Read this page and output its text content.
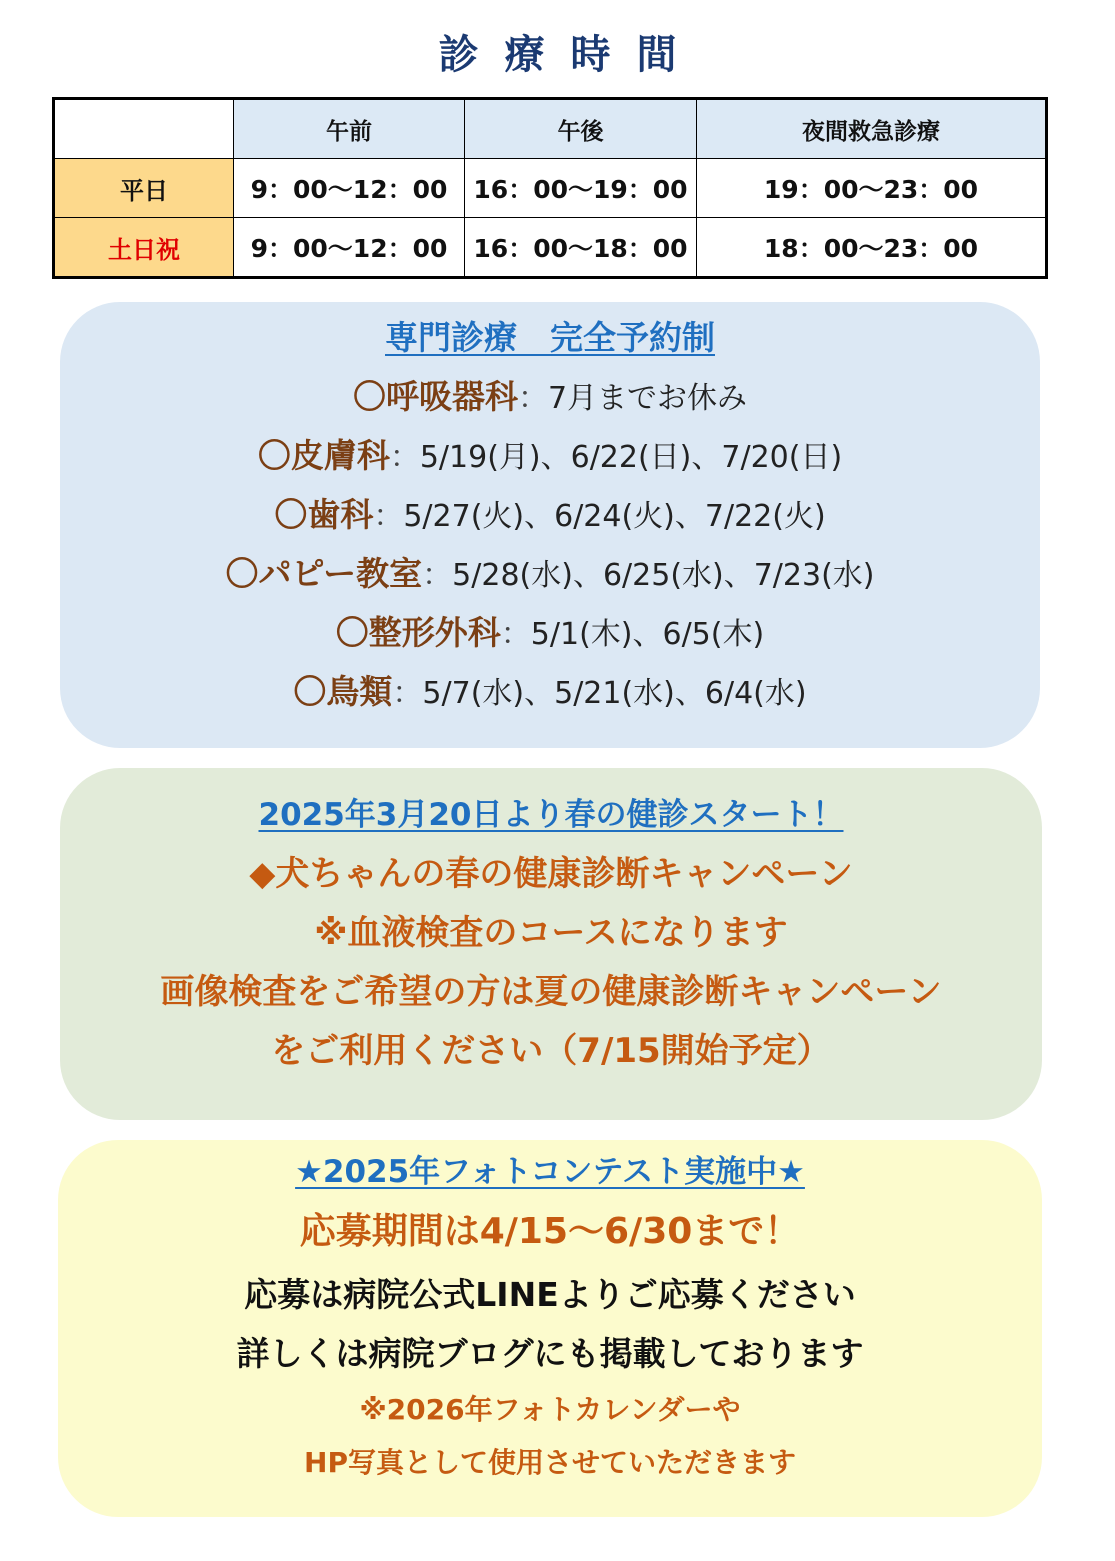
診療時間
	午前	午後	夜間救急診療
平日	9：00～12：00	16：00～19：00	19：00～23：00
土日祝	9：00～12：00	16：00～18：00	18：00～23：00
専門診療　完全予約制
〇呼吸器科：7月までお休み
〇皮膚科：5/19(月)、6/22(日)、7/20(日)
〇歯科：5/27(火)、6/24(火)、7/22(火)
〇パピー教室：5/28(水)、6/25(水)、7/23(水)
〇整形外科：5/1(木)、6/5(木)
〇鳥類：5/7(水)、5/21(水)、6/4(水)
2025年3月20日より春の健診スタート！
◆犬ちゃんの春の健康診断キャンペーン
※血液検査のコースになります
画像検査をご希望の方は夏の健康診断キャンペーン
をご利用ください（7/15開始予定）
★2025年フォトコンテスト実施中★
応募期間は4/15～6/30まで！
応募は病院公式LINEよりご応募ください
詳しくは病院ブログにも掲載しております
※2026年フォトカレンダーや
HP写真として使用させていただきます
